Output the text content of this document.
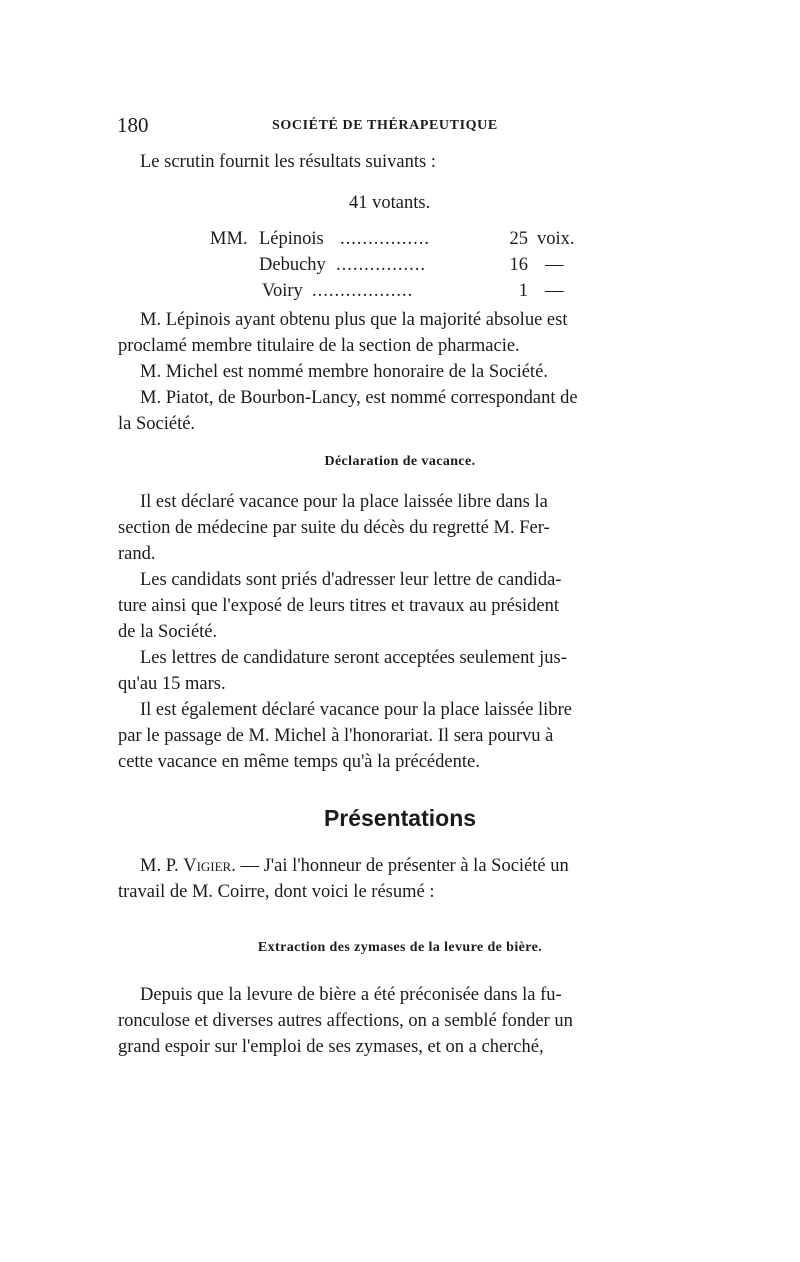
180	SOCIÉTÉ DE THÉRAPEUTIQUE
Le scrutin fournit les résultats suivants :
41 votants.
MM. Lépinois ................	25 voix.
Debuchy ................	16 —
Voiry ..................	1 —
M. Lépinois ayant obtenu plus que la majorité absolue est
proclamé membre titulaire de la section de pharmacie.
M. Michel est nommé membre honoraire de la Société.
M. Piatot, de Bourbon-Lancy, est nommé correspondant de
la Société.
Déclaration de vacance.
Il est déclaré vacance pour la place laissée libre dans la
section de médecine par suite du décès du regretté M. Fer-
rand.
Les candidats sont priés d'adresser leur lettre de candida-
ture ainsi que l'exposé de leurs titres et travaux au président
de la Société.
Les lettres de candidature seront acceptées seulement jus-
qu'au 15 mars.
Il est également déclaré vacance pour la place laissée libre
par le passage de M. Michel à l'honorariat. Il sera pourvu à
cette vacance en même temps qu'à la précédente.
Présentations
M. P. Vigier. — J'ai l'honneur de présenter à la Société un
travail de M. Coirre, dont voici le résumé :
Extraction des zymases de la levure de bière.
Depuis que la levure de bière a été préconisée dans la fu-
ronculose et diverses autres affections, on a semblé fonder un
grand espoir sur l'emploi de ses zymases, et on a cherché,
